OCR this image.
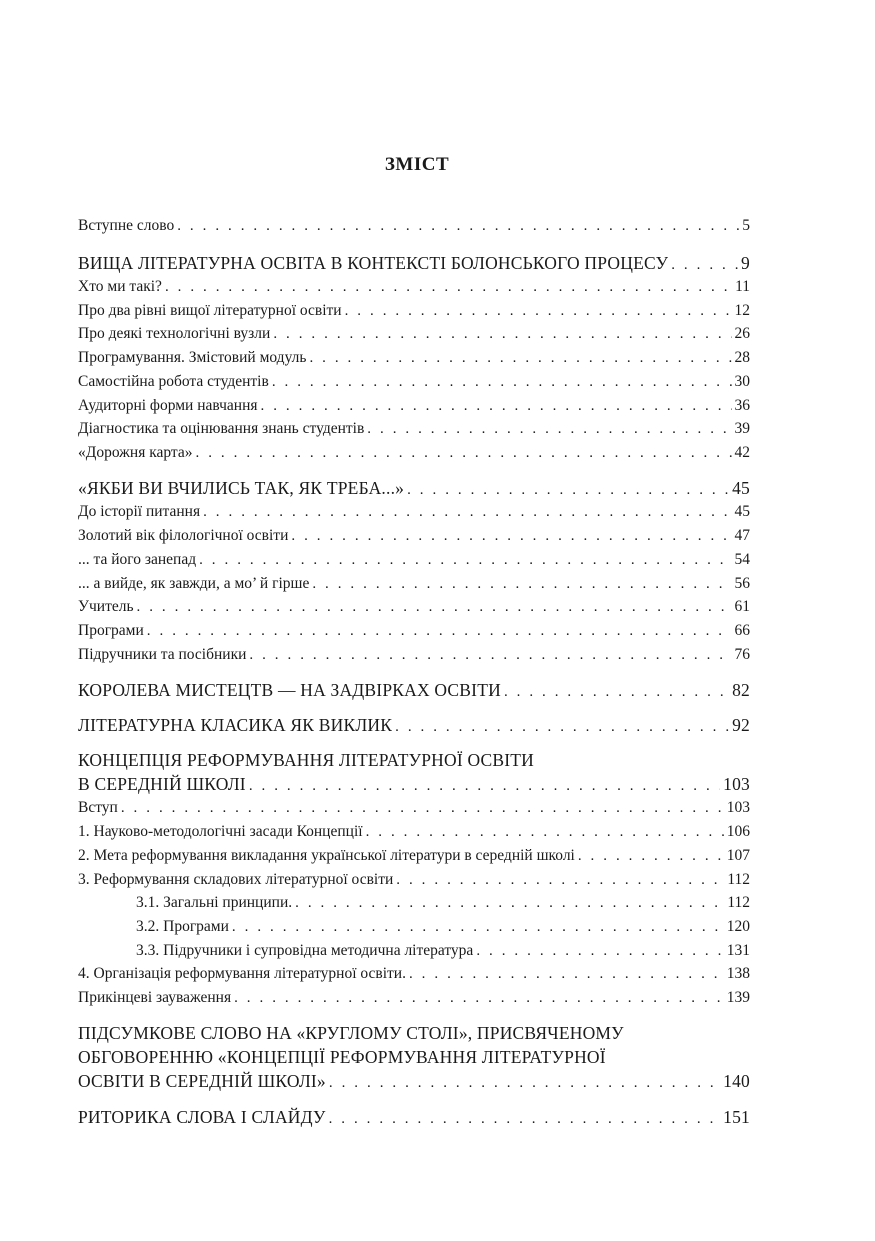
ЗМІСТ
Вступне слово . . .	5
ВИЩА ЛІТЕРАТУРНА ОСВІТА В КОНТЕКСТІ БОЛОНСЬКОГО ПРОЦЕСУ . . .	9
Хто ми такі? . . .	11
Про два рівні вищої літературної освіти . . .	12
Про деякі технологічні вузли . . .	26
Програмування. Змістовий модуль . . .	28
Самостійна робота студентів . . .	30
Аудиторні форми навчання . . .	36
Діагностика та оцінювання знань студентів . . .	39
«Дорожня карта» . . .	42
«ЯКБИ ВИ ВЧИЛИСЬ ТАК, ЯК ТРЕБА...» . . .	45
До історії питання . . .	45
Золотий вік філологічної освіти . . .	47
... та його занепад . . .	54
... а вийде, як завжди, а мо’ й гірше . . .	56
Учитель . . .	61
Програми . . .	66
Підручники та посібники . . .	76
КОРОЛЕВА МИСТЕЦТВ — НА ЗАДВІРКАХ ОСВІТИ . . .	82
ЛІТЕРАТУРНА КЛАСИКА ЯК ВИКЛИК . . .	92
КОНЦЕПЦІЯ РЕФОРМУВАННЯ ЛІТЕРАТУРНОЇ ОСВІТИ
В СЕРЕДНІЙ ШКОЛІ . . .	103
Вступ . . .	103
1. Науково-методологічні засади Концепції . . .	106
2. Мета реформування викладання української літератури в середній школі . . .	107
3. Реформування складових літературної освіти . . .	112
3.1. Загальні принципи. . . .	112
3.2. Програми . . .	120
3.3. Підручники і супровідна методична література . . .	131
4. Організація реформування літературної освіти. . . .	138
Прикінцеві зауваження . . .	139
ПІДСУМКОВЕ СЛОВО НА «КРУГЛОМУ СТОЛІ», ПРИСВЯЧЕНОМУ
ОБГОВОРЕННЮ «КОНЦЕПЦІЇ РЕФОРМУВАННЯ ЛІТЕРАТУРНОЇ
ОСВІТИ В СЕРЕДНІЙ ШКОЛІ» . . .	140
РИТОРИКА СЛОВА І СЛАЙДУ . . .	151
